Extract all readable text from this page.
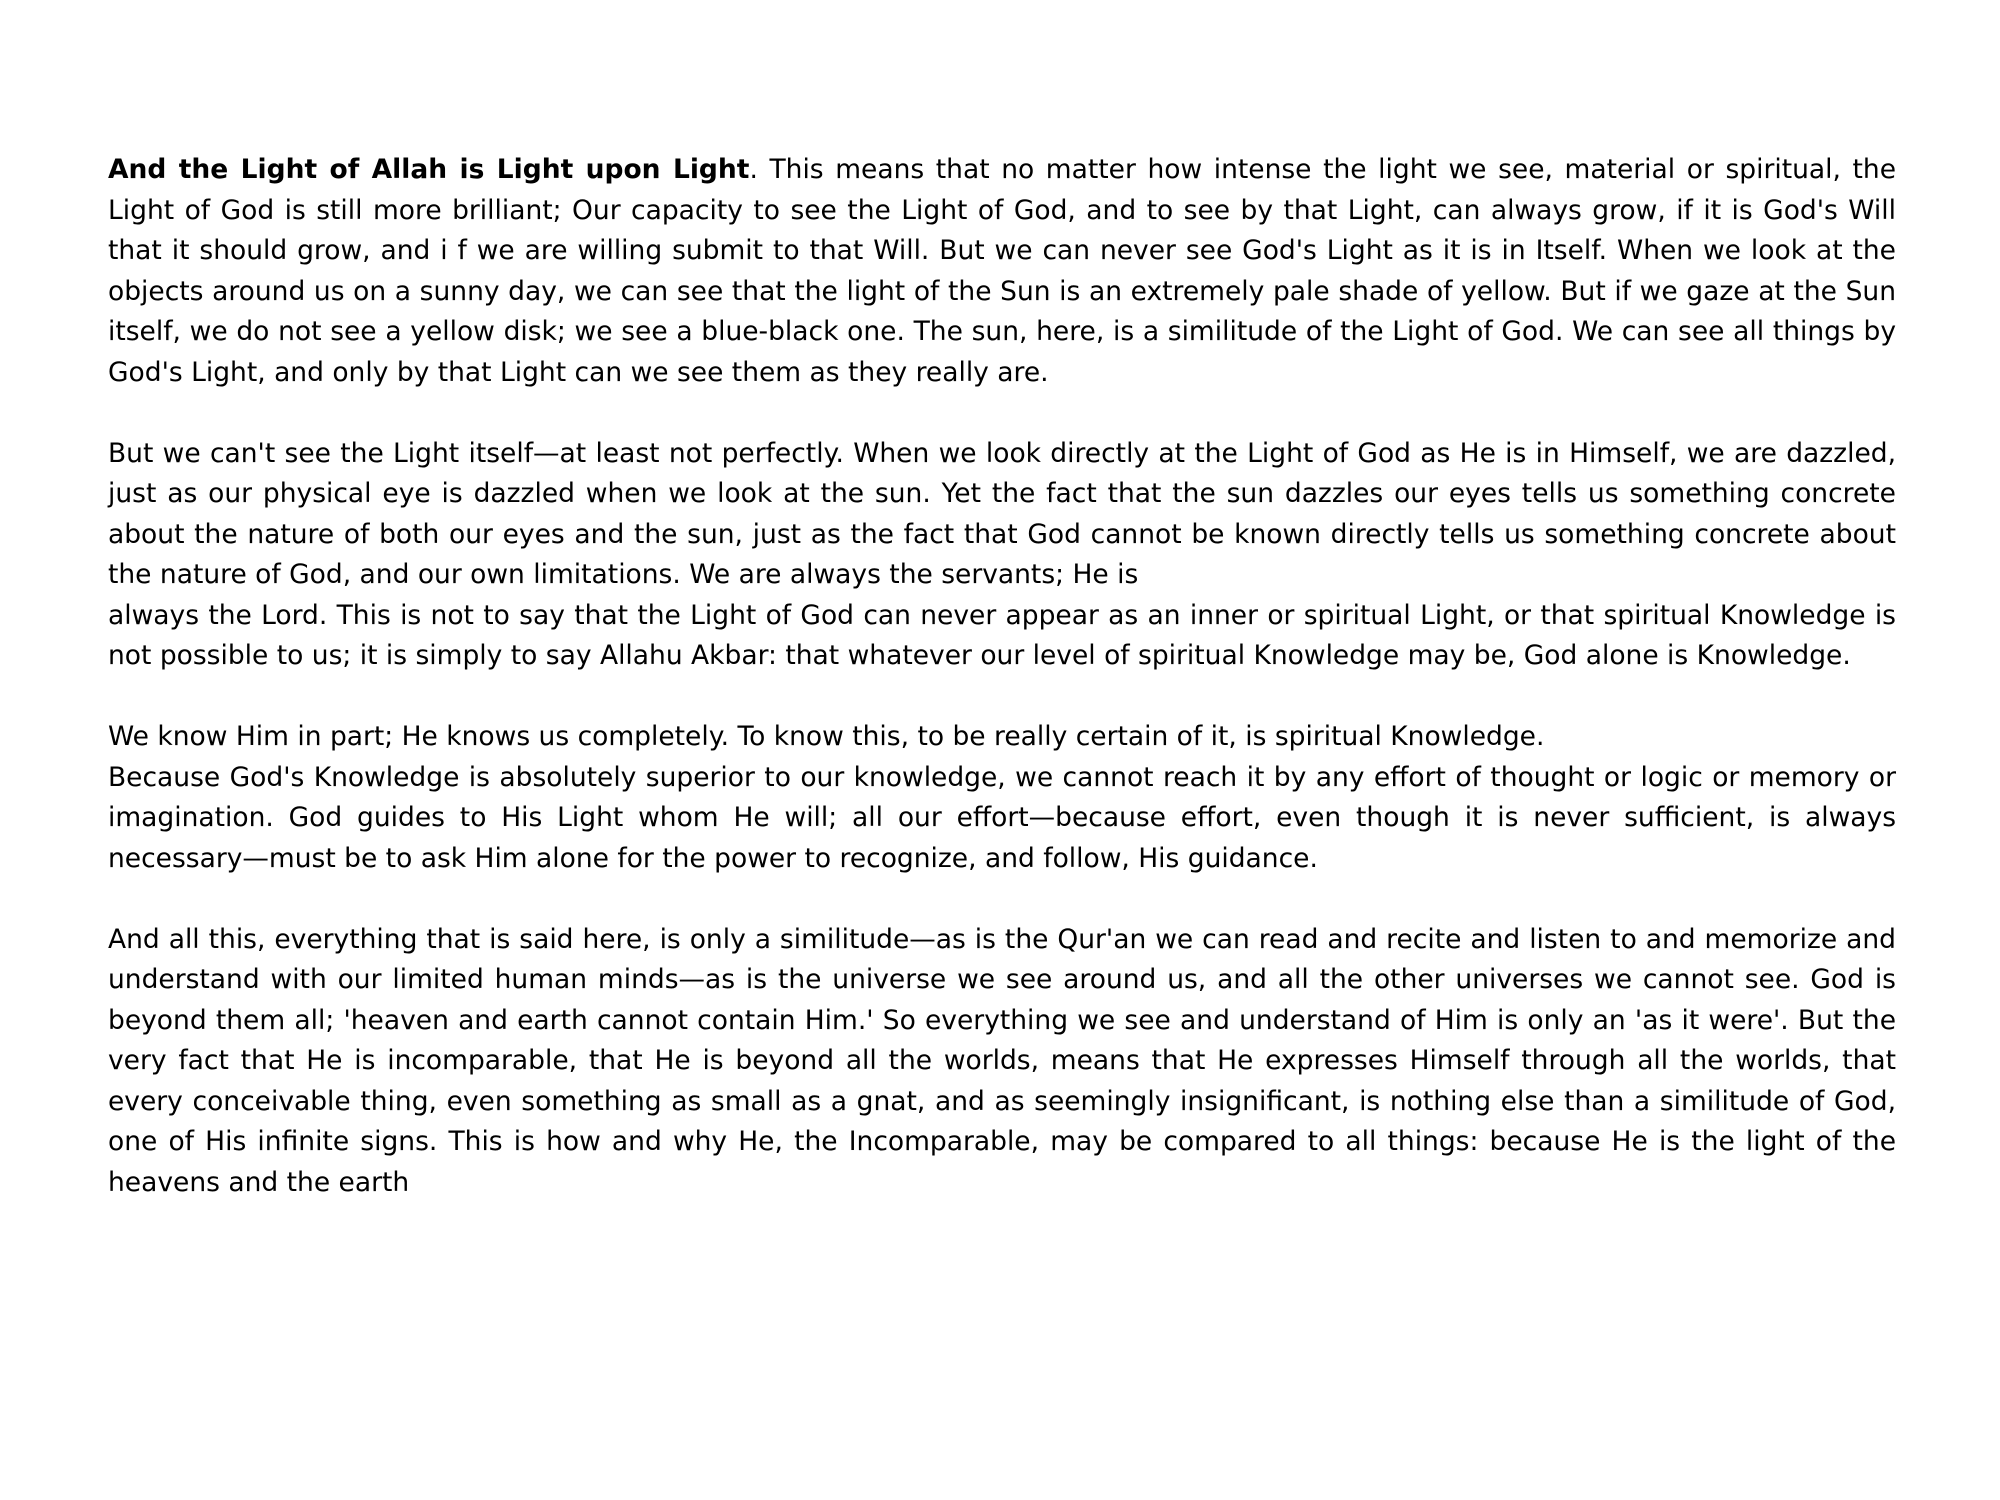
And the Light of Allah is Light upon Light. This means that no matter how intense the light we see, material or spiritual, the Light of God is still more brilliant; Our capacity to see the Light of God, and to see by that Light, can always grow, if it is God's Will that it should grow, and i f we are willing submit to that Will. But we can never see God's Light as it is in Itself. When we look at the objects around us on a sunny day, we can see that the light of the Sun is an extremely pale shade of yellow. But if we gaze at the Sun itself, we do not see a yellow disk; we see a blue-black one. The sun, here, is a similitude of the Light of God. We can see all things by God's Light, and only by that Light can we see them as they really are.

But we can't see the Light itself—at least not perfectly. When we look directly at the Light of God as He is in Himself, we are dazzled, just as our physical eye is dazzled when we look at the sun. Yet the fact that the sun dazzles our eyes tells us something concrete about the nature of both our eyes and the sun, just as the fact that God cannot be known directly tells us something concrete about the nature of God, and our own limitations. We are always the servants; He is

always the Lord. This is not to say that the Light of God can never appear as an inner or spiritual Light, or that spiritual Knowledge is not possible to us; it is simply to say Allahu Akbar: that whatever our level of spiritual Knowledge may be, God alone is Knowledge.

We know Him in part; He knows us completely. To know this, to be really certain of it, is spiritual Knowledge.

Because God's Knowledge is absolutely superior to our knowledge, we cannot reach it by any effort of thought or logic or memory or imagination. God guides to His Light whom He will; all our effort—because effort, even though it is never sufficient, is always necessary—must be to ask Him alone for the power to recognize, and follow, His guidance.

And all this, everything that is said here, is only a similitude—as is the Qur'an we can read and recite and listen to and memorize and understand with our limited human minds—as is the universe we see around us, and all the other universes we cannot see. God is beyond them all; 'heaven and earth cannot contain Him.' So everything we see and understand of Him is only an 'as it were'. But the very fact that He is incomparable, that He is beyond all the worlds, means that He expresses Himself through all the worlds, that every conceivable thing, even something as small as a gnat, and as seemingly insignificant, is nothing else than a similitude of God, one of His infinite signs. This is how and why He, the Incomparable, may be compared to all things: because He is the light of the heavens and the earth
